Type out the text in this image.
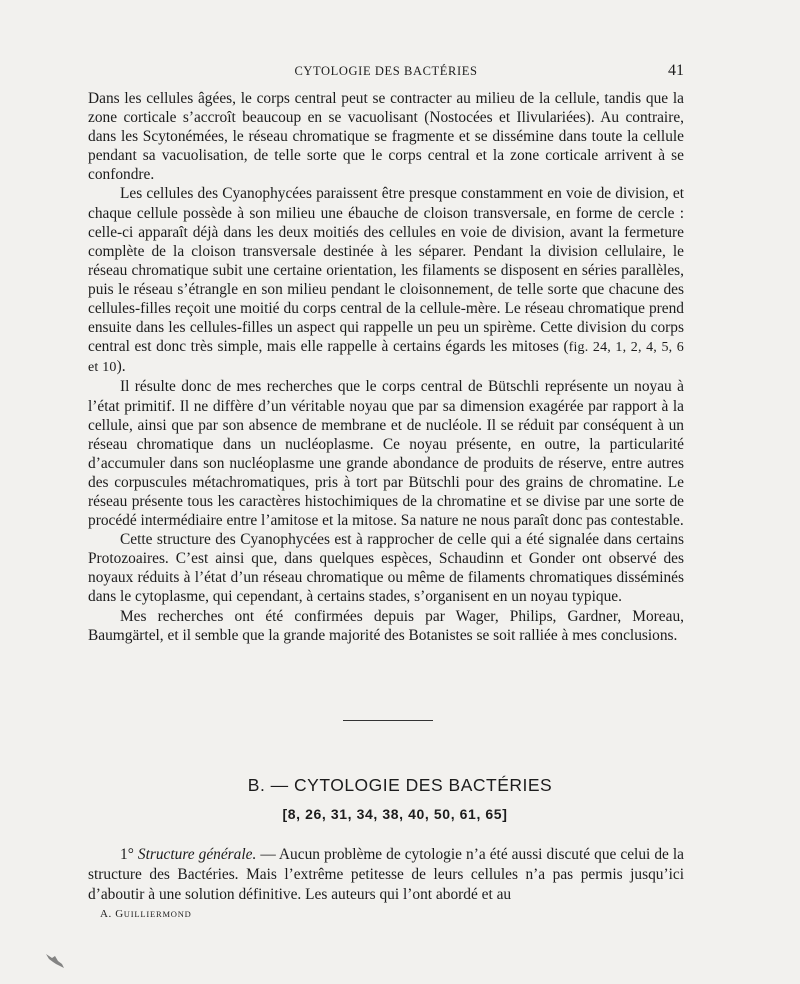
CYTOLOGIE DES BACTÉRIES	41

Dans les cellules âgées, le corps central peut se contracter au milieu de la cellule, tandis que la zone corticale s’accroît beaucoup en se vacuolisant (Nostocées et Ilivulariées). Au contraire, dans les Scytonémées, le réseau chromatique se fragmente et se dissémine dans toute la cellule pendant sa vacuolisation, de telle sorte que le corps central et la zone corticale arrivent à se confondre.

Les cellules des Cyanophycées paraissent être presque constamment en voie de division, et chaque cellule possède à son milieu une ébauche de cloison transversale, en forme de cercle : celle-ci apparaît déjà dans les deux moitiés des cellules en voie de division, avant la fermeture complète de la cloison transversale destinée à les séparer. Pendant la division cellulaire, le réseau chromatique subit une certaine orientation, les filaments se disposent en séries parallèles, puis le réseau s’étrangle en son milieu pendant le cloisonnement, de telle sorte que chacune des cellules-filles reçoit une moitié du corps central de la cellule-mère. Le réseau chromatique prend ensuite dans les cellules-filles un aspect qui rappelle un peu un spirème. Cette division du corps central est donc très simple, mais elle rappelle à certains égards les mitoses (fig. 24, 1, 2, 4, 5, 6 et 10).

Il résulte donc de mes recherches que le corps central de Bütschli représente un noyau à l’état primitif. Il ne diffère d’un véritable noyau que par sa dimension exagérée par rapport à la cellule, ainsi que par son absence de membrane et de nucléole. Il se réduit par conséquent à un réseau chromatique dans un nucléoplasme. Ce noyau présente, en outre, la particularité d’accumuler dans son nucléoplasme une grande abondance de produits de réserve, entre autres des corpuscules métachromatiques, pris à tort par Bütschli pour des grains de chromatine. Le réseau présente tous les caractères histochimiques de la chromatine et se divise par une sorte de procédé intermédiaire entre l’amitose et la mitose. Sa nature ne nous paraît donc pas contestable.

Cette structure des Cyanophycées est à rapprocher de celle qui a été signalée dans certains Protozoaires. C’est ainsi que, dans quelques espèces, Schaudinn et Gonder ont observé des noyaux réduits à l’état d’un réseau chromatique ou même de filaments chromatiques disséminés dans le cytoplasme, qui cependant, à certains stades, s’organisent en un noyau typique.

Mes recherches ont été confirmées depuis par Wager, Philips, Gardner, Moreau, Baumgärtel, et il semble que la grande majorité des Botanistes se soit ralliée à mes conclusions.

B. — CYTOLOGIE DES BACTÉRIES
[8, 26, 31, 34, 38, 40, 50, 61, 65]

1° Structure générale. — Aucun problème de cytologie n’a été aussi discuté que celui de la structure des Bactéries. Mais l’extrême petitesse de leurs cellules n’a pas permis jusqu’ici d’aboutir à une solution définitive. Les auteurs qui l’ont abordé et au

A. GUILLIERMOND
